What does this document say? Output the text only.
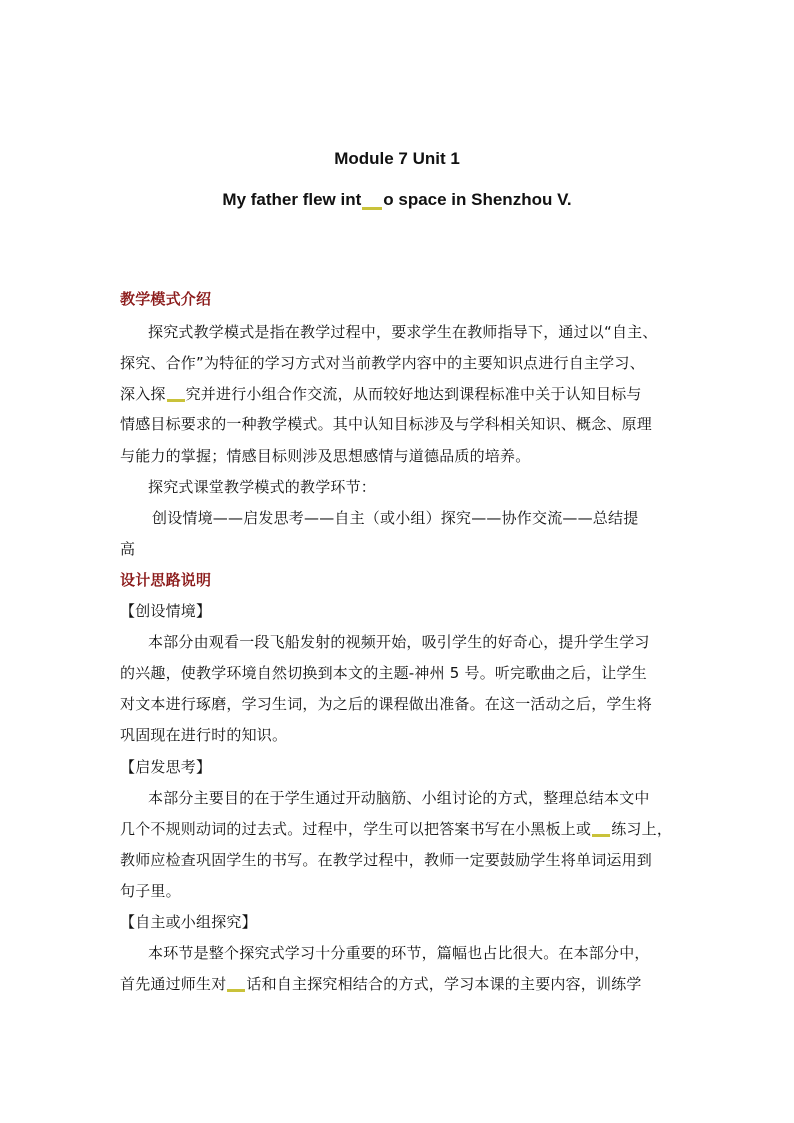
Module 7 Unit 1
My father flew int o space in Shenzhou V.
教学模式介绍
探究式教学模式是指在教学过程中，要求学生在教师指导下，通过以“自主、
探究、合作”为特征的学习方式对当前教学内容中的主要知识点进行自主学习、
深入探 究并进行小组合作交流，从而较好地达到课程标准中关于认知目标与
情感目标要求的一种教学模式。其中认知目标涉及与学科相关知识、概念、原理
与能力的掌握；情感目标则涉及思想感情与道德品质的培养。
探究式课堂教学模式的教学环节：
创设情境——启发思考——自主（或小组）探究——协作交流——总结提
高
设计思路说明
【创设情境】
本部分由观看一段飞船发射的视频开始，吸引学生的好奇心，提升学生学习
的兴趣，使教学环境自然切换到本文的主题-神州 5 号。听完歌曲之后，让学生
对文本进行琢磨，学习生词，为之后的课程做出准备。在这一活动之后，学生将
巩固现在进行时的知识。
【启发思考】
本部分主要目的在于学生通过开动脑筋、小组讨论的方式，整理总结本文中
几个不规则动词的过去式。过程中，学生可以把答案书写在小黑板上或 练习上，
教师应检查巩固学生的书写。在教学过程中，教师一定要鼓励学生将单词运用到
句子里。
【自主或小组探究】
本环节是整个探究式学习十分重要的环节，篇幅也占比很大。在本部分中，
首先通过师生对 话和自主探究相结合的方式，学习本课的主要内容，训练学
